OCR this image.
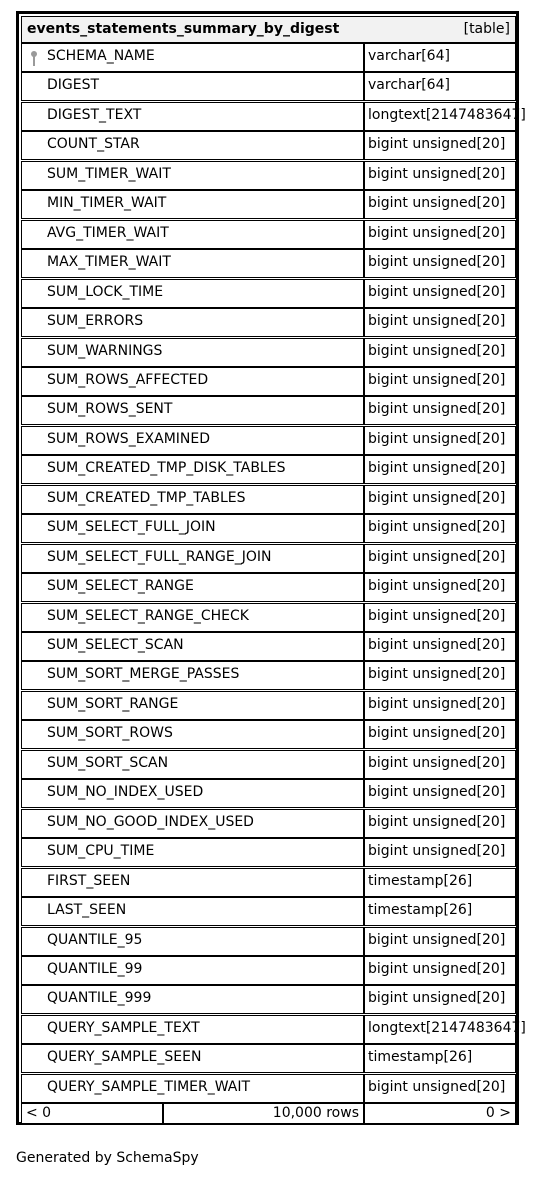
events_statements_summary_by_digest	[table]
SCHEMA_NAME	varchar[64]
DIGEST	varchar[64]
DIGEST_TEXT	longtext[2147483647]
COUNT_STAR	bigint unsigned[20]
SUM_TIMER_WAIT	bigint unsigned[20]
MIN_TIMER_WAIT	bigint unsigned[20]
AVG_TIMER_WAIT	bigint unsigned[20]
MAX_TIMER_WAIT	bigint unsigned[20]
SUM_LOCK_TIME	bigint unsigned[20]
SUM_ERRORS	bigint unsigned[20]
SUM_WARNINGS	bigint unsigned[20]
SUM_ROWS_AFFECTED	bigint unsigned[20]
SUM_ROWS_SENT	bigint unsigned[20]
SUM_ROWS_EXAMINED	bigint unsigned[20]
SUM_CREATED_TMP_DISK_TABLES	bigint unsigned[20]
SUM_CREATED_TMP_TABLES	bigint unsigned[20]
SUM_SELECT_FULL_JOIN	bigint unsigned[20]
SUM_SELECT_FULL_RANGE_JOIN	bigint unsigned[20]
SUM_SELECT_RANGE	bigint unsigned[20]
SUM_SELECT_RANGE_CHECK	bigint unsigned[20]
SUM_SELECT_SCAN	bigint unsigned[20]
SUM_SORT_MERGE_PASSES	bigint unsigned[20]
SUM_SORT_RANGE	bigint unsigned[20]
SUM_SORT_ROWS	bigint unsigned[20]
SUM_SORT_SCAN	bigint unsigned[20]
SUM_NO_INDEX_USED	bigint unsigned[20]
SUM_NO_GOOD_INDEX_USED	bigint unsigned[20]
SUM_CPU_TIME	bigint unsigned[20]
FIRST_SEEN	timestamp[26]
LAST_SEEN	timestamp[26]
QUANTILE_95	bigint unsigned[20]
QUANTILE_99	bigint unsigned[20]
QUANTILE_999	bigint unsigned[20]
QUERY_SAMPLE_TEXT	longtext[2147483647]
QUERY_SAMPLE_SEEN	timestamp[26]
QUERY_SAMPLE_TIMER_WAIT	bigint unsigned[20]
< 0	10,000 rows	0 >
Generated by SchemaSpy
